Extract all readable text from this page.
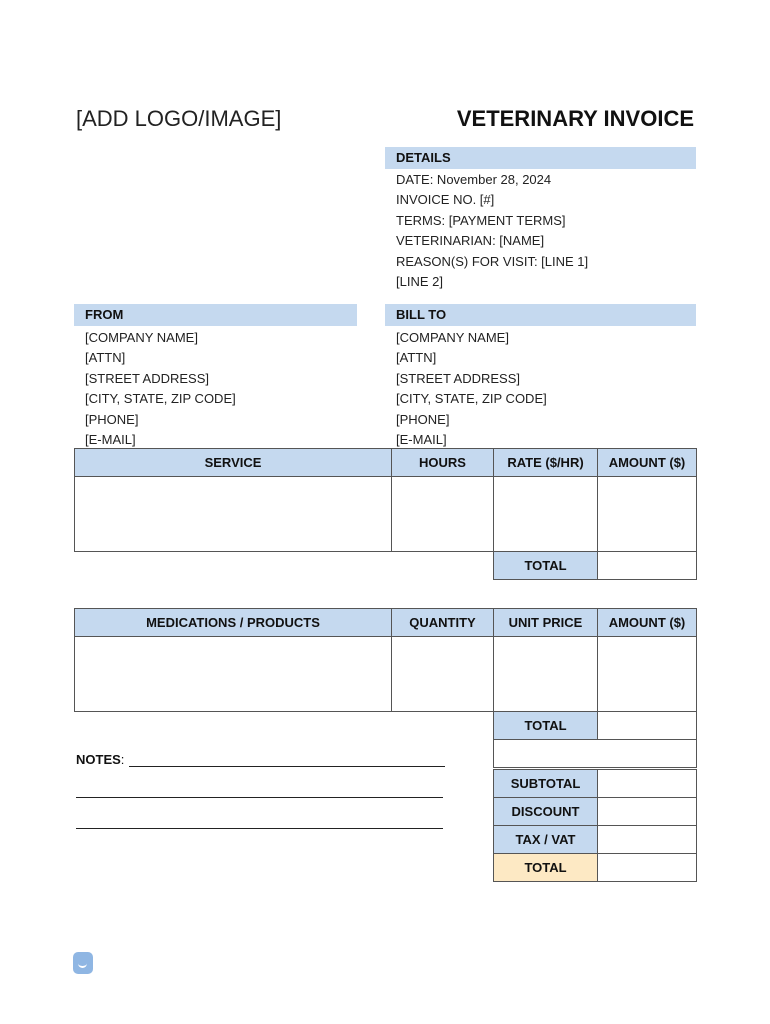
[ADD LOGO/IMAGE]	VETERINARY INVOICE
DETAILS
DATE: November 28, 2024
INVOICE NO. [#]
TERMS: [PAYMENT TERMS]
VETERINARIAN: [NAME]
REASON(S) FOR VISIT: [LINE 1]
[LINE 2]
FROM
[COMPANY NAME]
[ATTN]
[STREET ADDRESS]
[CITY, STATE, ZIP CODE]
[PHONE]
[E-MAIL]
BILL TO
[COMPANY NAME]
[ATTN]
[STREET ADDRESS]
[CITY, STATE, ZIP CODE]
[PHONE]
[E-MAIL]
SERVICE	HOURS	RATE ($/HR)	AMOUNT ($)

TOTAL	
MEDICATIONS / PRODUCTS	QUANTITY	UNIT PRICE	AMOUNT ($)

TOTAL	

SUBTOTAL	
DISCOUNT	
TAX / VAT	
TOTAL	
NOTES:
